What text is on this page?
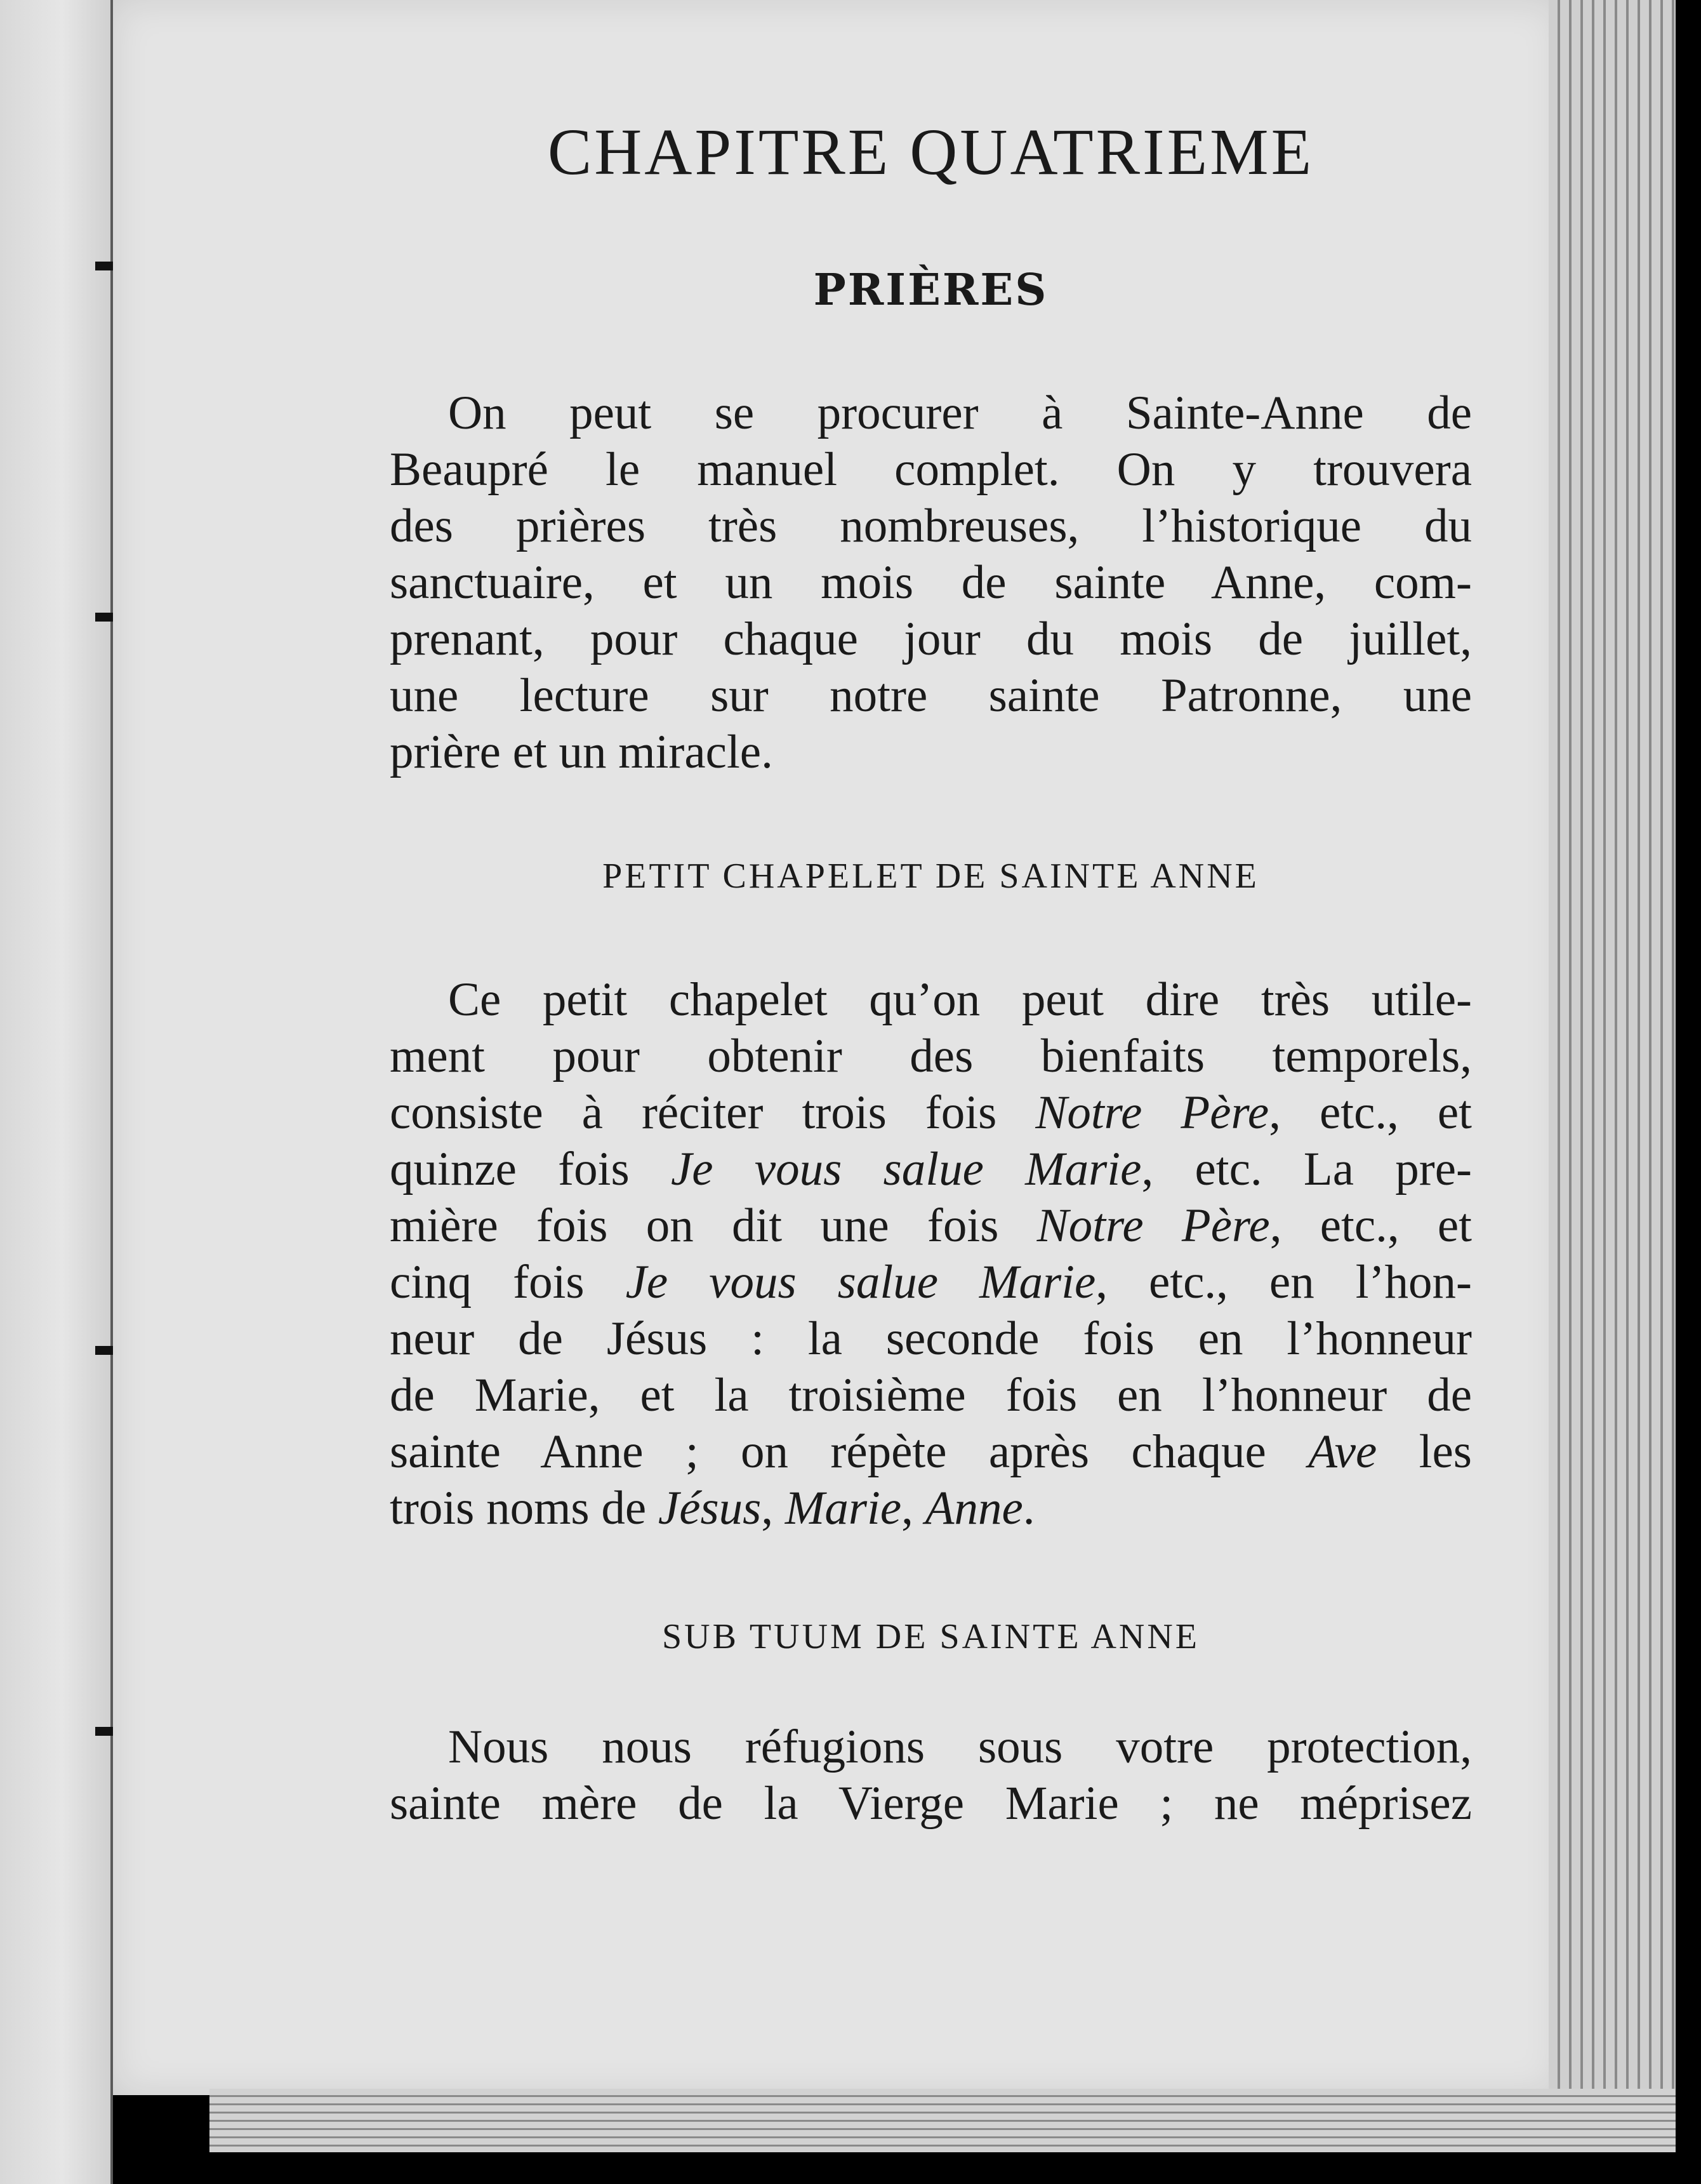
CHAPITRE QUATRIEME
PRIÈRES
On peut se procurer à Sainte-Anne de
Beaupré le manuel complet. On y trouvera
des prières très nombreuses, l’historique du
sanctuaire, et un mois de sainte Anne, com-
prenant, pour chaque jour du mois de juillet,
une lecture sur notre sainte Patronne, une
prière et un miracle.
PETIT CHAPELET DE SAINTE ANNE
Ce petit chapelet qu’on peut dire très utile-
ment pour obtenir des bienfaits temporels,
consiste à réciter trois fois Notre Père, etc., et
quinze fois Je vous salue Marie, etc. La pre-
mière fois on dit une fois Notre Père, etc., et
cinq fois Je vous salue Marie, etc., en l’hon-
neur de Jésus : la seconde fois en l’honneur
de Marie, et la troisième fois en l’honneur de
sainte Anne ; on répète après chaque Ave les
trois noms de Jésus, Marie, Anne.
SUB TUUM DE SAINTE ANNE
Nous nous réfugions sous votre protection,
sainte mère de la Vierge Marie ; ne méprisez
